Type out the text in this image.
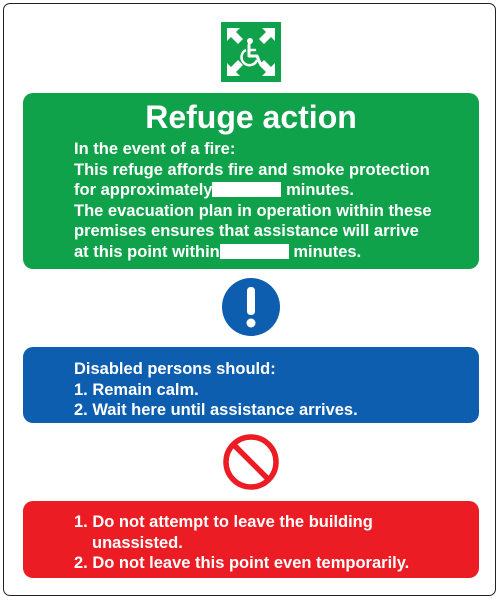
Refuge action
In the event of a fire:
This refuge affords fire and smoke protection
for approximately	minutes.
The evacuation plan in operation within these
premises ensures that assistance will arrive
at this point within	minutes.
Disabled persons should:
1. Remain calm.
2. Wait here until assistance arrives.
1. Do not attempt to leave the building
unassisted.
2. Do not leave this point even temporarily.
